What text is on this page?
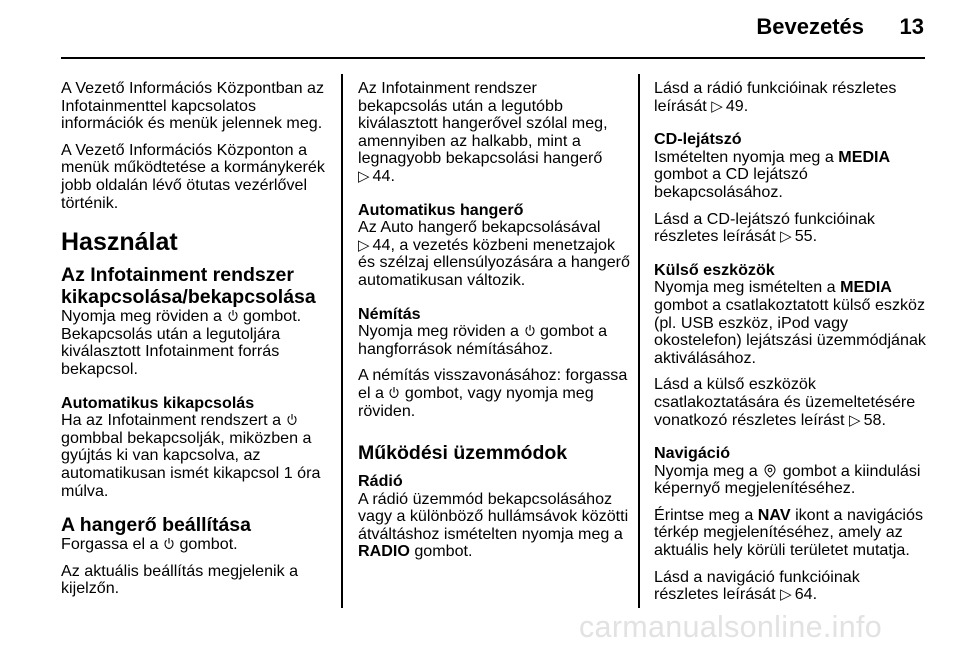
Bevezetés	13

A Vezető Információs Központban az Infotainmenttel kapcsolatos információk és menük jelennek meg.

A Vezető Információs Központon a menük működtetése a kormánykerék jobb oldalán lévő ötutas vezérlővel történik.

Használat
Az Infotainment rendszer kikapcsolása/bekapcsolása

Nyomja meg röviden a gombot. Bekapcsolás után a legutoljára kiválasztott Infotainment forrás bekapcsol.

Automatikus kikapcsolás

Ha az Infotainment rendszert a  gombbal bekapcsolják, miközben a gyújtás ki van kapcsolva, az automatikusan ismét kikapcsol 1 óra múlva.

A hangerő beállítása

Forgassa el a gombot.

Az aktuális beállítás megjelenik a kijelzőn.

Az Infotainment rendszer bekapcsolás után a legutóbb kiválasztott hangerővel szólal meg, amennyiben az halkabb, mint a legnagyobb bekapcsolási hangerő
▷ 44.

Automatikus hangerő

Az Auto hangerő bekapcsolásával
▷ 44, a vezetés közbeni menetzajok és szélzaj ellensúlyozására a hangerő automatikusan változik.

Némítás

Nyomja meg röviden a gombot a hangforrások némításához.

A némítás visszavonásához: forgassa el a gombot, vagy nyomja meg röviden.

Működési üzemmódok
Rádió

A rádió üzemmód bekapcsolásához vagy a különböző hullámsávok közötti átváltáshoz ismételten nyomja meg a RADIO gombot.

Lásd a rádió funkcióinak részletes leírását ▷ 49.

CD-lejátszó

Ismételten nyomja meg a MEDIA gombot a CD lejátszó bekapcsolásához.

Lásd a CD-lejátszó funkcióinak részletes leírását ▷ 55.

Külső eszközök

Nyomja meg ismételten a MEDIA gombot a csatlakoztatott külső eszköz (pl. USB eszköz, iPod vagy okostelefon) lejátszási üzemmódjának aktiválásához.

Lásd a külső eszközök csatlakoztatására és üzemeltetésére vonatkozó részletes leírást ▷ 58.

Navigáció

Nyomja meg a gombot a kiindulási képernyő megjelenítéséhez.

Érintse meg a NAV ikont a navigációs térkép megjelenítéséhez, amely az aktuális hely körüli területet mutatja.

Lásd a navigáció funkcióinak részletes leírását ▷ 64.

carmanualsonline.info
